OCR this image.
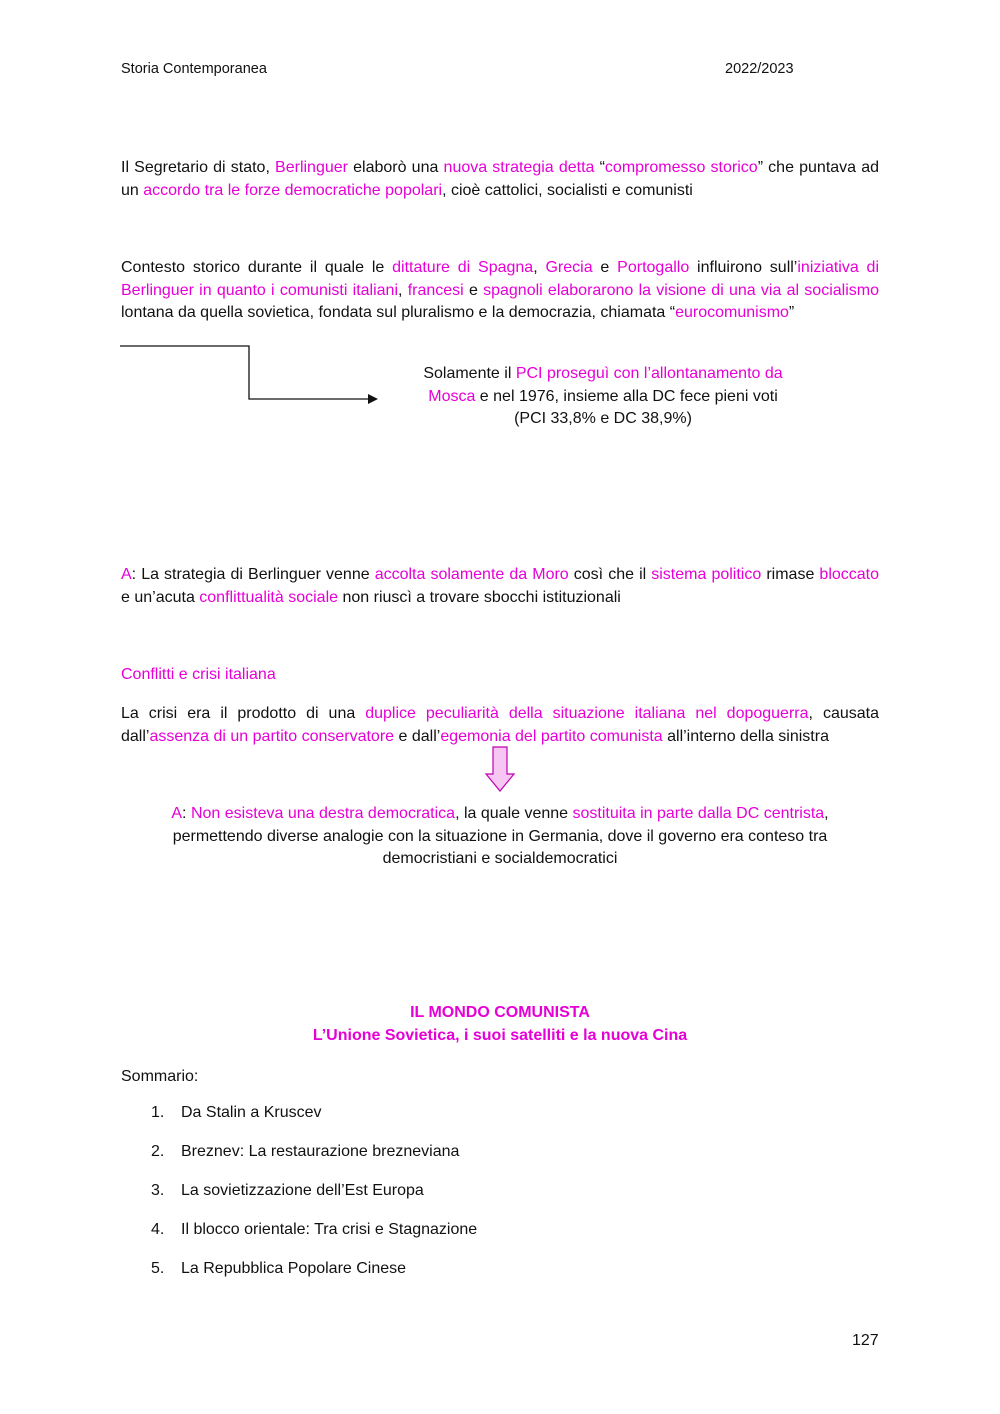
Storia Contemporanea	2022/2023
Il Segretario di stato, Berlinguer elaborò una nuova strategia detta “compromesso storico” che puntava ad un accordo tra le forze democratiche popolari, cioè cattolici, socialisti e comunisti
Contesto storico durante il quale le dittature di Spagna, Grecia e Portogallo influirono sull’iniziativa di Berlinguer in quanto i comunisti italiani, francesi e spagnoli elaborarono la visione di una via al socialismo lontana da quella sovietica, fondata sul pluralismo e la democrazia, chiamata “eurocomunismo”
Solamente il PCI proseguì con l’allontanamento da Mosca e nel 1976, insieme alla DC fece pieni voti (PCI 33,8% e DC 38,9%)
A: La strategia di Berlinguer venne accolta solamente da Moro così che il sistema politico rimase bloccato e un’acuta conflittualità sociale non riuscì a trovare sbocchi istituzionali
Conflitti e crisi italiana
La crisi era il prodotto di una duplice peculiarità della situazione italiana nel dopoguerra, causata dall’assenza di un partito conservatore e dall’egemonia del partito comunista all’interno della sinistra
A: Non esisteva una destra democratica, la quale venne sostituita in parte dalla DC centrista, permettendo diverse analogie con la situazione in Germania, dove il governo era conteso tra democristiani e socialdemocratici
IL MONDO COMUNISTA
L’Unione Sovietica, i suoi satelliti e la nuova Cina
Sommario:
1. Da Stalin a Kruscev
2. Breznev: La restaurazione brezneviana
3. La sovietizzazione dell’Est Europa
4. Il blocco orientale: Tra crisi e Stagnazione
5. La Repubblica Popolare Cinese
127
